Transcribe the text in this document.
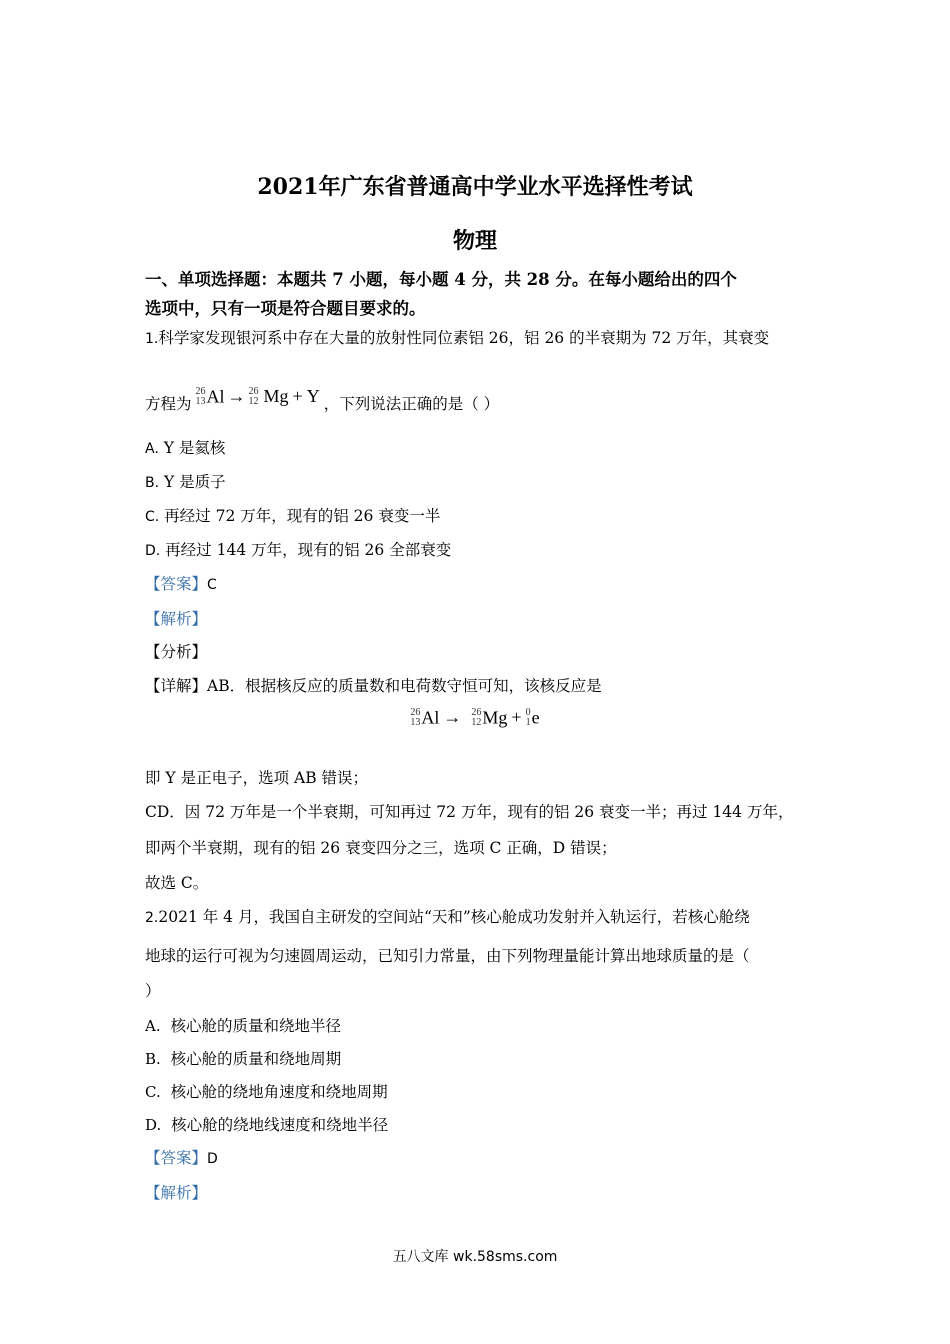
2021年广东省普通高中学业水平选择性考试
物理
一、单项选择题：本题共 7 小题，每小题 4 分，共 28 分。在每小题给出的四个
选项中，只有一项是符合题目要求的。
1.科学家发现银河系中存在大量的放射性同位素铝 26，铝 26 的半衰期为 72 万年，其衰变
方程为
26
13 Al → 26
12 Mg + Y ，下列说法正确的是（ ）
A. Y 是氦核
B. Y 是质子
C. 再经过 72 万年，现有的铝 26 衰变一半
D. 再经过 144 万年，现有的铝 26 全部衰变
【答案】C
【解析】
【分析】
【详解】AB．根据核反应的质量数和电荷数守恒可知，该核反应是
26
13 Al → 26
12 Mg + 0
1 e
即 Y 是正电子，选项 AB 错误；
CD．因 72 万年是一个半衰期，可知再过 72 万年，现有的铝 26 衰变一半；再过 144 万年，
即两个半衰期，现有的铝 26 衰变四分之三，选项 C 正确，D 错误；
故选 C。
2.2021 年 4 月，我国自主研发的空间站“天和”核心舱成功发射并入轨运行，若核心舱绕
地球的运行可视为匀速圆周运动，已知引力常量，由下列物理量能计算出地球质量的是（
）
A. 核心舱的质量和绕地半径
B. 核心舱的质量和绕地周期
C. 核心舱的绕地角速度和绕地周期
D. 核心舱的绕地线速度和绕地半径
【答案】D
【解析】
五八文库 wk.58sms.com
